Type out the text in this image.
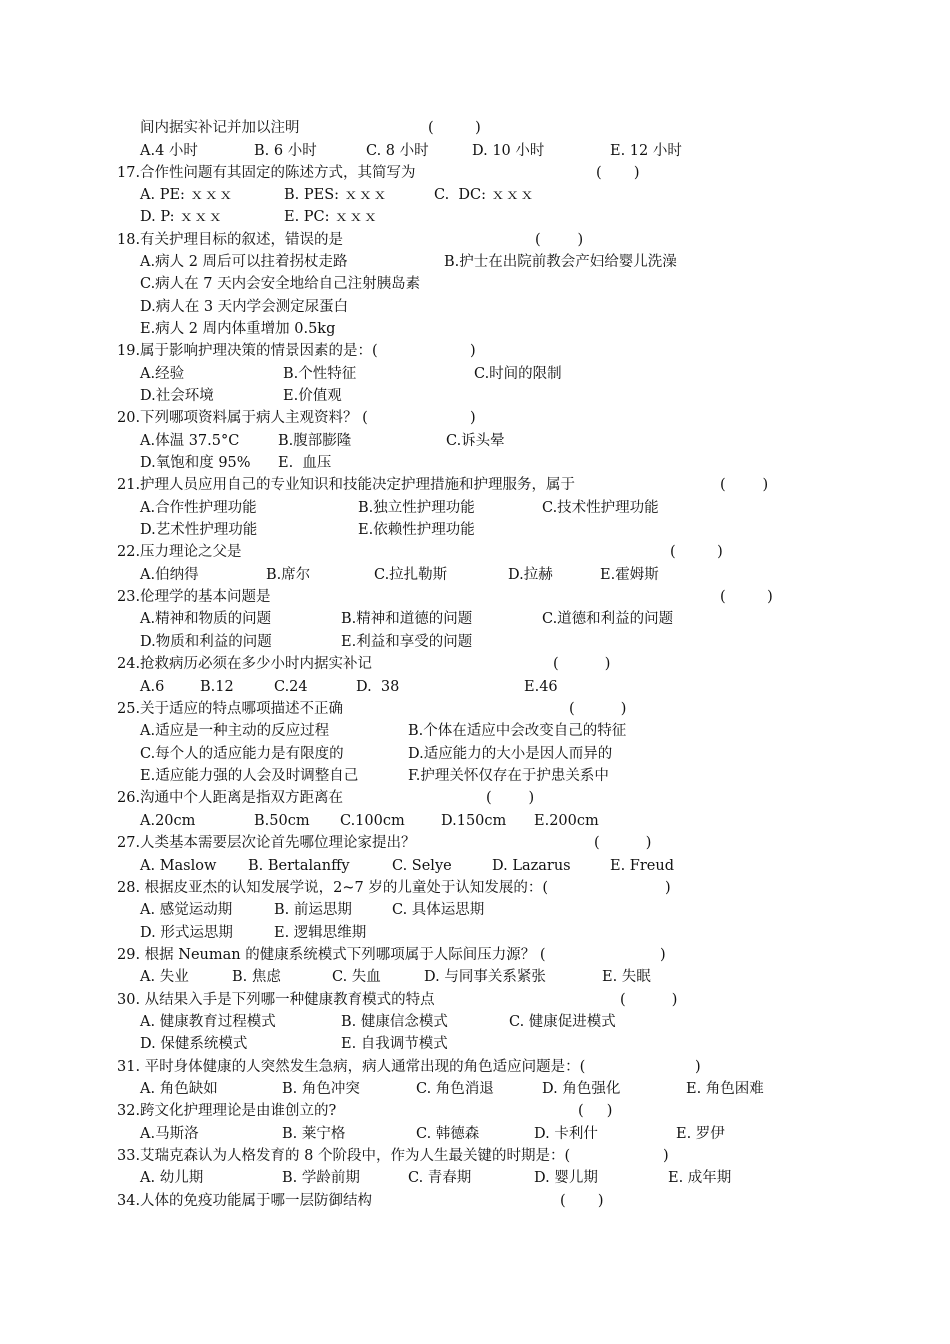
间内据实补记并加以注明	(         )
A.4 小时	B. 6 小时	C. 8 小时	D. 10 小时	E. 12 小时
17.合作性问题有其固定的陈述方式，其简写为	(       )
A. PE: ｘｘｘ	B. PES: ｘｘｘ	C.  DC: ｘｘｘ
D. P: ｘｘｘ	E. PC: ｘｘｘ
18.有关护理目标的叙述，错误的是	(        )
A.病人 2 周后可以拄着拐杖走路	B.护士在出院前教会产妇给婴儿洗澡
C.病人在 7 天内会安全地给自己注射胰岛素
D.病人在 3 天内学会测定尿蛋白
E.病人 2 周内体重增加 0.5kg
19.属于影响护理决策的情景因素的是：(	)
A.经验	B.个性特征	C.时间的限制
D.社会环境	E.价值观
20.下列哪项资料属于病人主观资料？ (	)
A.体温 37.5°C	B.腹部膨隆	C.诉头晕
D.氧饱和度 95% E.  血压
21.护理人员应用自己的专业知识和技能决定护理措施和护理服务，属于	(        )
A.合作性护理功能	B.独立性护理功能	C.技术性护理功能
D.艺术性护理功能	E.依赖性护理功能
22.压力理论之父是	(         )
A.伯纳得	B.席尔	C.拉扎勒斯	D.拉赫	E.霍姆斯
23.伦理学的基本问题是	(         )
A.精神和物质的问题	B.精神和道德的问题	C.道德和利益的问题
D.物质和利益的问题	E.利益和享受的问题
24.抢救病历必须在多少小时内据实补记	(          )
A.6 B.12	C.24	D.  38	E.46
25.关于适应的特点哪项描述不正确	(          )
A.适应是一种主动的反应过程	B.个体在适应中会改变自己的特征
C.每个人的适应能力是有限度的	D.适应能力的大小是因人而异的
E.适应能力强的人会及时调整自己	F.护理关怀仅存在于护患关系中
26.沟通中个人距离是指双方距离在	(        )
A.20cm	B.50cm C.100cm	D.150cm E.200cm
27.人类基本需要层次论首先哪位理论家提出？	(          )
A. Maslow B. Bertalanffy	C. Selye	D. Lazarus	E. Freud
28. 根据皮亚杰的认知发展学说，2~7 岁的儿童处于认知发展的：(	)
A. 感觉运动期	B. 前运思期	C. 具体运思期
D. 形式运思期	E. 逻辑思维期
29. 根据 Neuman 的健康系统模式下列哪项属于人际间压力源？ (	)
A. 失业	B. 焦虑	C. 失血	D. 与同事关系紧张	E. 失眠
30. 从结果入手是下列哪一种健康教育模式的特点	(          )
A. 健康教育过程模式	B. 健康信念模式	C. 健康促进模式
D. 保健系统模式	E. 自我调节模式
31. 平时身体健康的人突然发生急病，病人通常出现的角色适应问题是：(	)
A. 角色缺如	B. 角色冲突	C. 角色消退	D. 角色强化	E. 角色困难
32.跨文化护理理论是由谁创立的?	(     )
A.马斯洛	B. 莱宁格	C. 韩德森	D. 卡利什	E. 罗伊
33.艾瑞克森认为人格发育的 8 个阶段中，作为人生最关键的时期是：(	)
A. 幼儿期	B. 学龄前期	C. 青春期	D. 婴儿期	E. 成年期
34.人体的免疫功能属于哪一层防御结构	(       )
